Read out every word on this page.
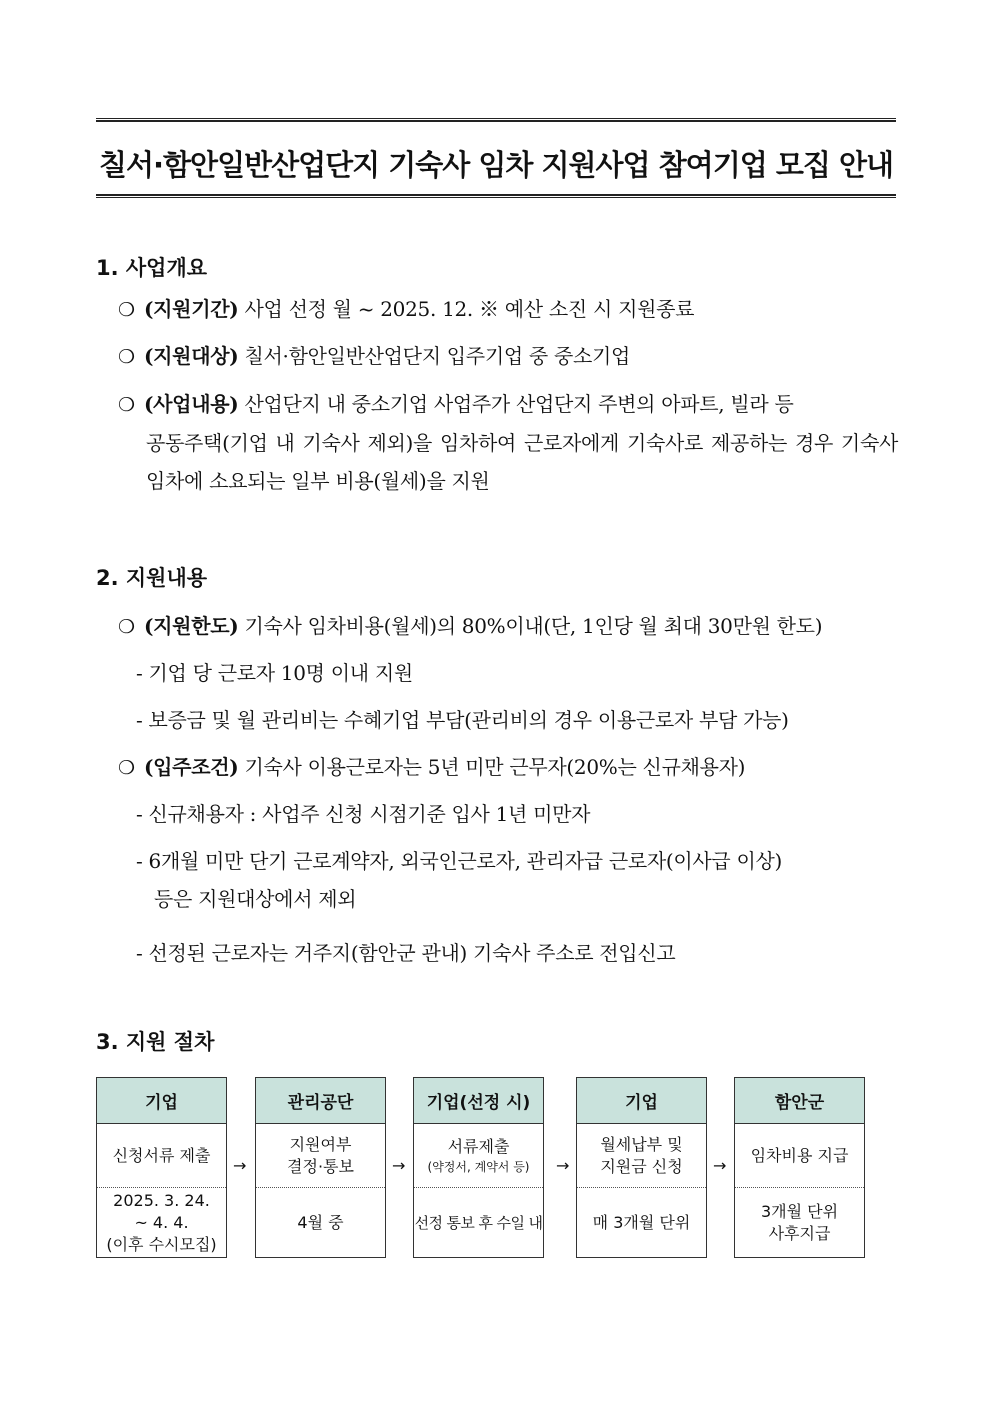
칠서·함안일반산업단지 기숙사 임차 지원사업 참여기업 모집 안내
1. 사업개요
❍ (지원기간) 사업 선정 월 ~ 2025. 12. ※ 예산 소진 시 지원종료
❍ (지원대상) 칠서·함안일반산업단지 입주기업 중 중소기업
❍ (사업내용) 산업단지 내 중소기업 사업주가 산업단지 주변의 아파트, 빌라 등
공동주택(기업 내 기숙사 제외)을 임차하여 근로자에게 기숙사로 제공하는 경우 기숙사 임차에 소요되는 일부 비용(월세)을 지원
2. 지원내용
❍ (지원한도) 기숙사 임차비용(월세)의 80%이내(단, 1인당 월 최대 30만원 한도)
- 기업 당 근로자 10명 이내 지원
- 보증금 및 월 관리비는 수혜기업 부담(관리비의 경우 이용근로자 부담 가능)
❍ (입주조건) 기숙사 이용근로자는 5년 미만 근무자(20%는 신규채용자)
- 신규채용자 : 사업주 신청 시점기준 입사 1년 미만자
- 6개월 미만 단기 근로계약자, 외국인근로자, 관리자급 근로자(이사급 이상)
등은 지원대상에서 제외
- 선정된 근로자는 거주지(함안군 관내) 기숙사 주소로 전입신고
3. 지원 절차
기업
신청서류 제출
2025. 3. 24.
~ 4. 4.
(이후 수시모집)
→
관리공단
지원여부
결정·통보
4월 중
→
기업(선정 시)
서류제출
(약정서, 계약서 등)
선정 통보 후 수일 내
→
기업
월세납부 및
지원금 신청
매 3개월 단위
→
함안군
임차비용 지급
3개월 단위
사후지급
